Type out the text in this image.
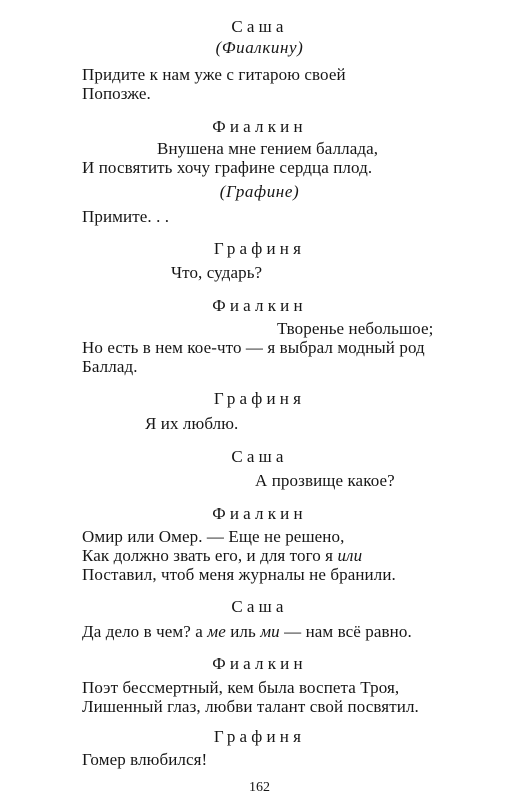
Саша
(Фиалкину)
Придите к нам уже с гитарою своей
Попозже.
Фиалкин
Внушена мне гением баллада,
И посвятить хочу графине сердца плод.
(Графине)
Примите. . .
Графиня
Что, сударь?
Фиалкин
Творенье небольшое;
Но есть в нем кое-что — я выбрал модный род
Баллад.
Графиня
Я их люблю.
Саша
А прозвище какое?
Фиалкин
Омир или Омер. — Еще не решено,
Как должно звать его, и для того я или
Поставил, чтоб меня журналы не бранили.
Саша
Да дело в чем? а ме иль ми — нам всё равно.
Фиалкин
Поэт бессмертный, кем была воспета Троя,
Лишенный глаз, любви талант свой посвятил.
Графиня
Гомер влюбился!
162
